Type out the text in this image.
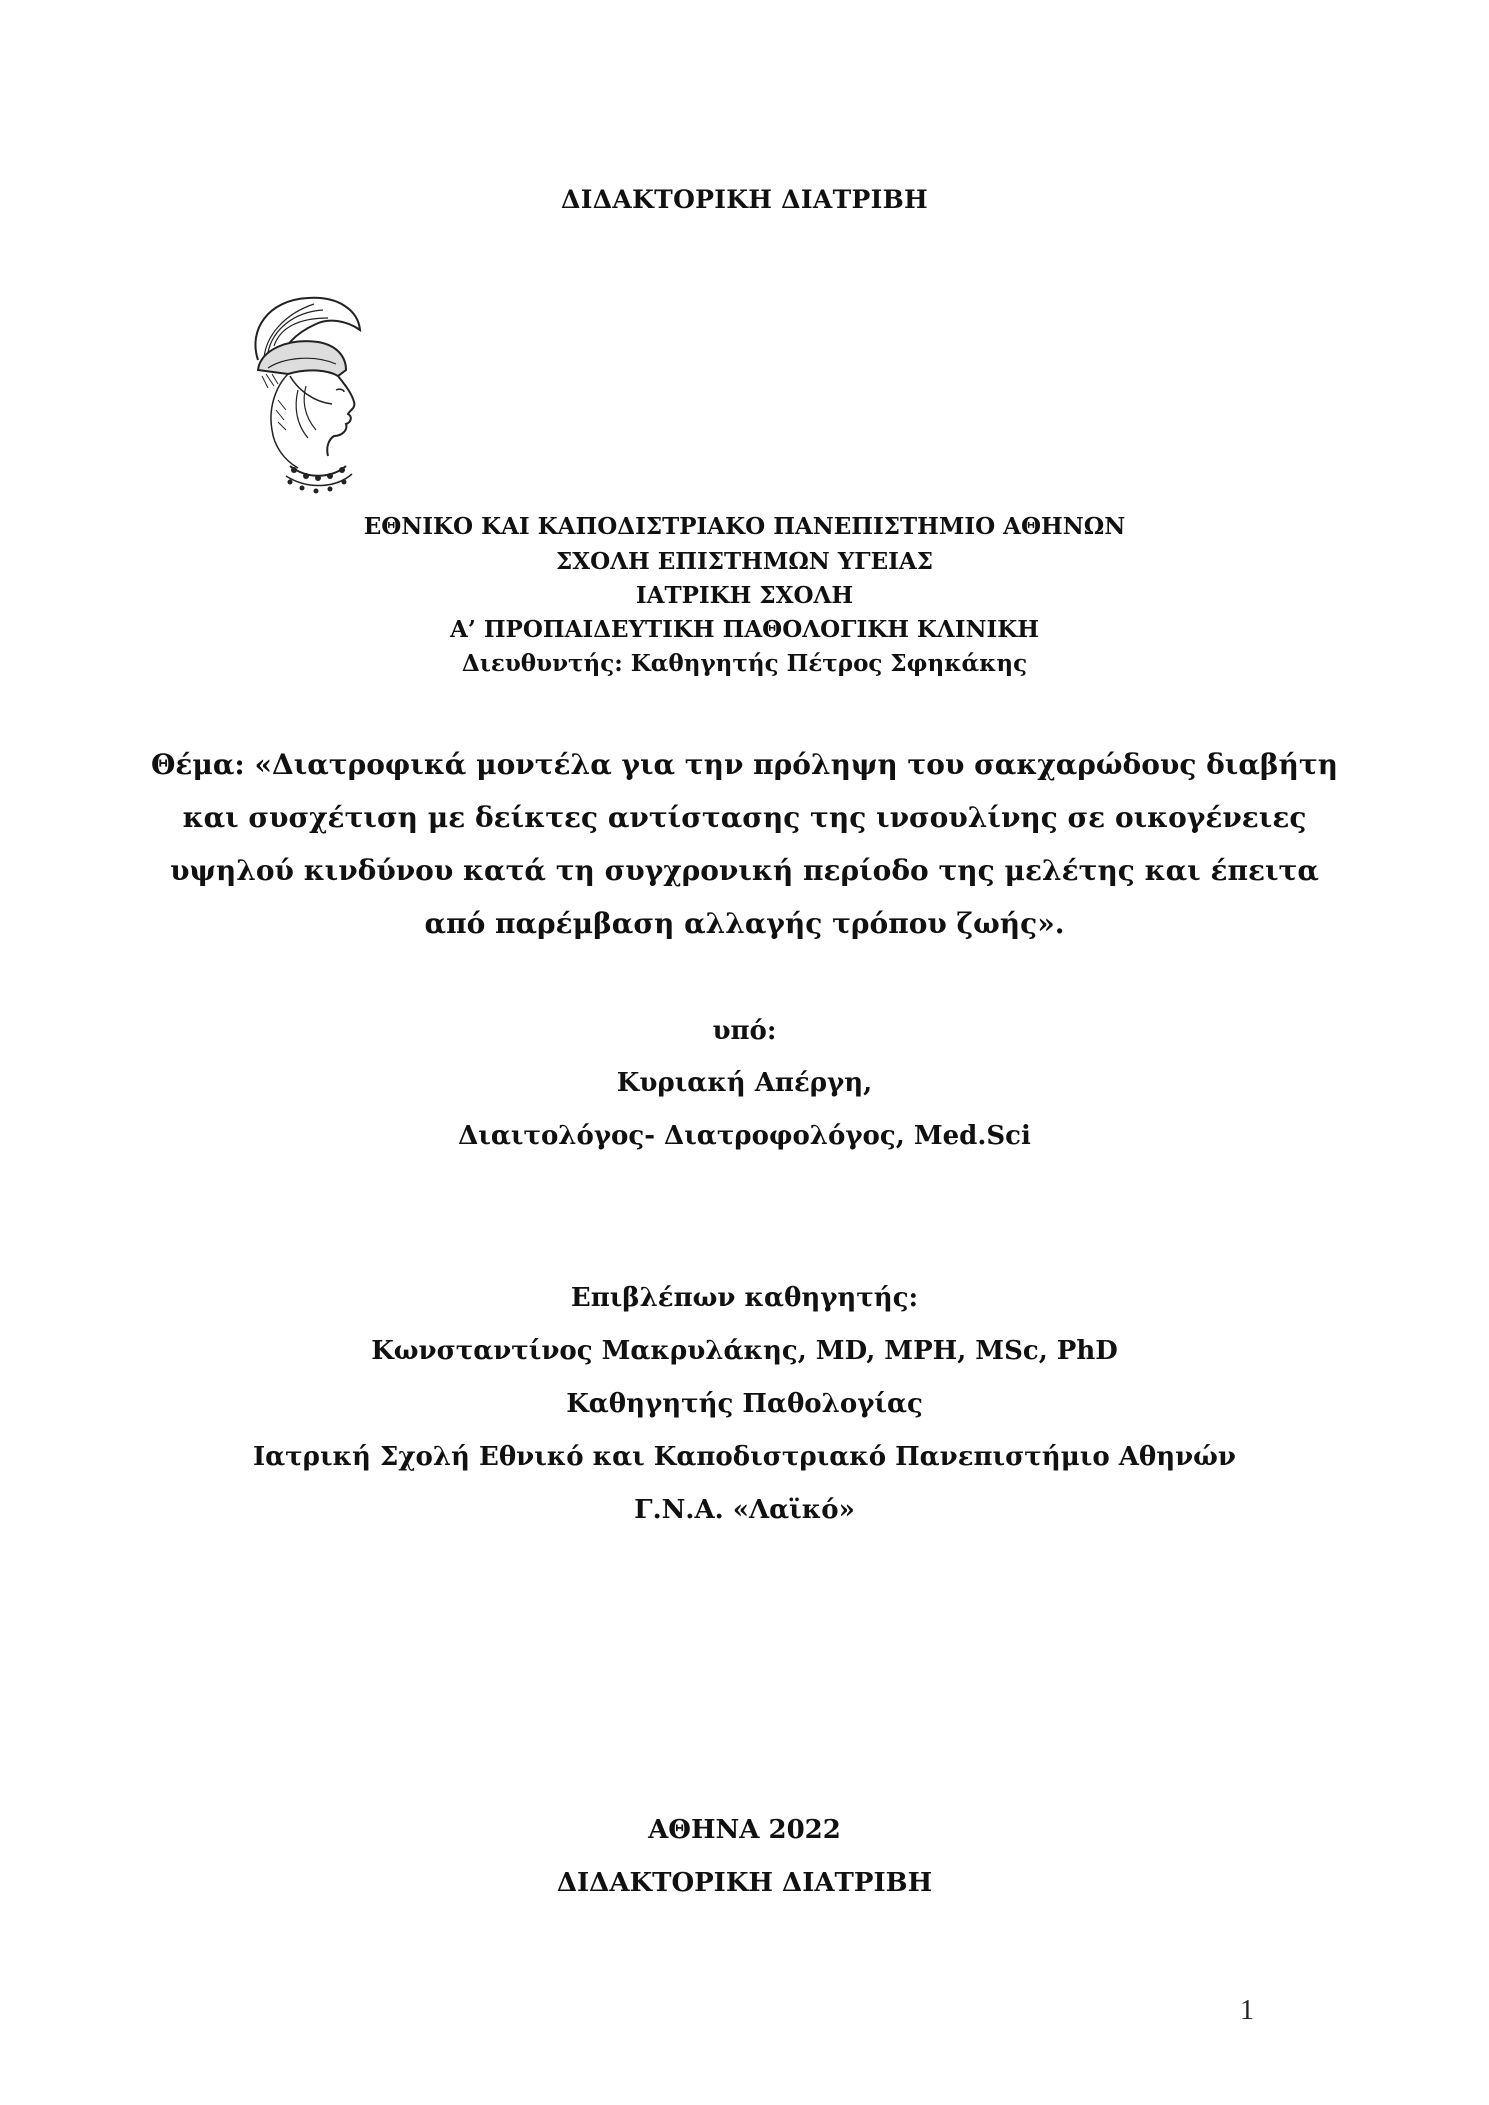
ΔΙΔΑΚΤΟΡΙΚΗ ΔΙΑΤΡΙΒΗ
ΕΘΝΙΚΟ ΚΑΙ ΚΑΠΟΔΙΣΤΡΙΑΚΟ ΠΑΝΕΠΙΣΤΗΜΙΟ ΑΘΗΝΩΝ
ΣΧΟΛΗ ΕΠΙΣΤΗΜΩΝ ΥΓΕΙΑΣ
ΙΑΤΡΙΚΗ ΣΧΟΛΗ
Α’ ΠΡΟΠΑΙΔΕΥΤΙΚΗ ΠΑΘΟΛΟΓΙΚΗ ΚΛΙΝΙΚΗ
Διευθυντής: Καθηγητής Πέτρος Σφηκάκης
Θέμα: «Διατροφικά μοντέλα για την πρόληψη του σακχαρώδους διαβήτη
και συσχέτιση με δείκτες αντίστασης της ινσουλίνης σε οικογένειες
υψηλού κινδύνου κατά τη συγχρονική περίοδο της μελέτης και έπειτα
από παρέμβαση αλλαγής τρόπου ζωής».
υπό:
Κυριακή Απέργη,
Διαιτολόγος- Διατροφολόγος, Med.Sci
Επιβλέπων καθηγητής:
Κωνσταντίνος Μακρυλάκης, MD, MPH, MSc, PhD
Καθηγητής Παθολογίας
Ιατρική Σχολή Εθνικό και Καποδιστριακό Πανεπιστήμιο Αθηνών
Γ.Ν.Α. «Λαϊκό»
ΑΘΗΝΑ 2022
ΔΙΔΑΚΤΟΡΙΚΗ ΔΙΑΤΡΙΒΗ
1
